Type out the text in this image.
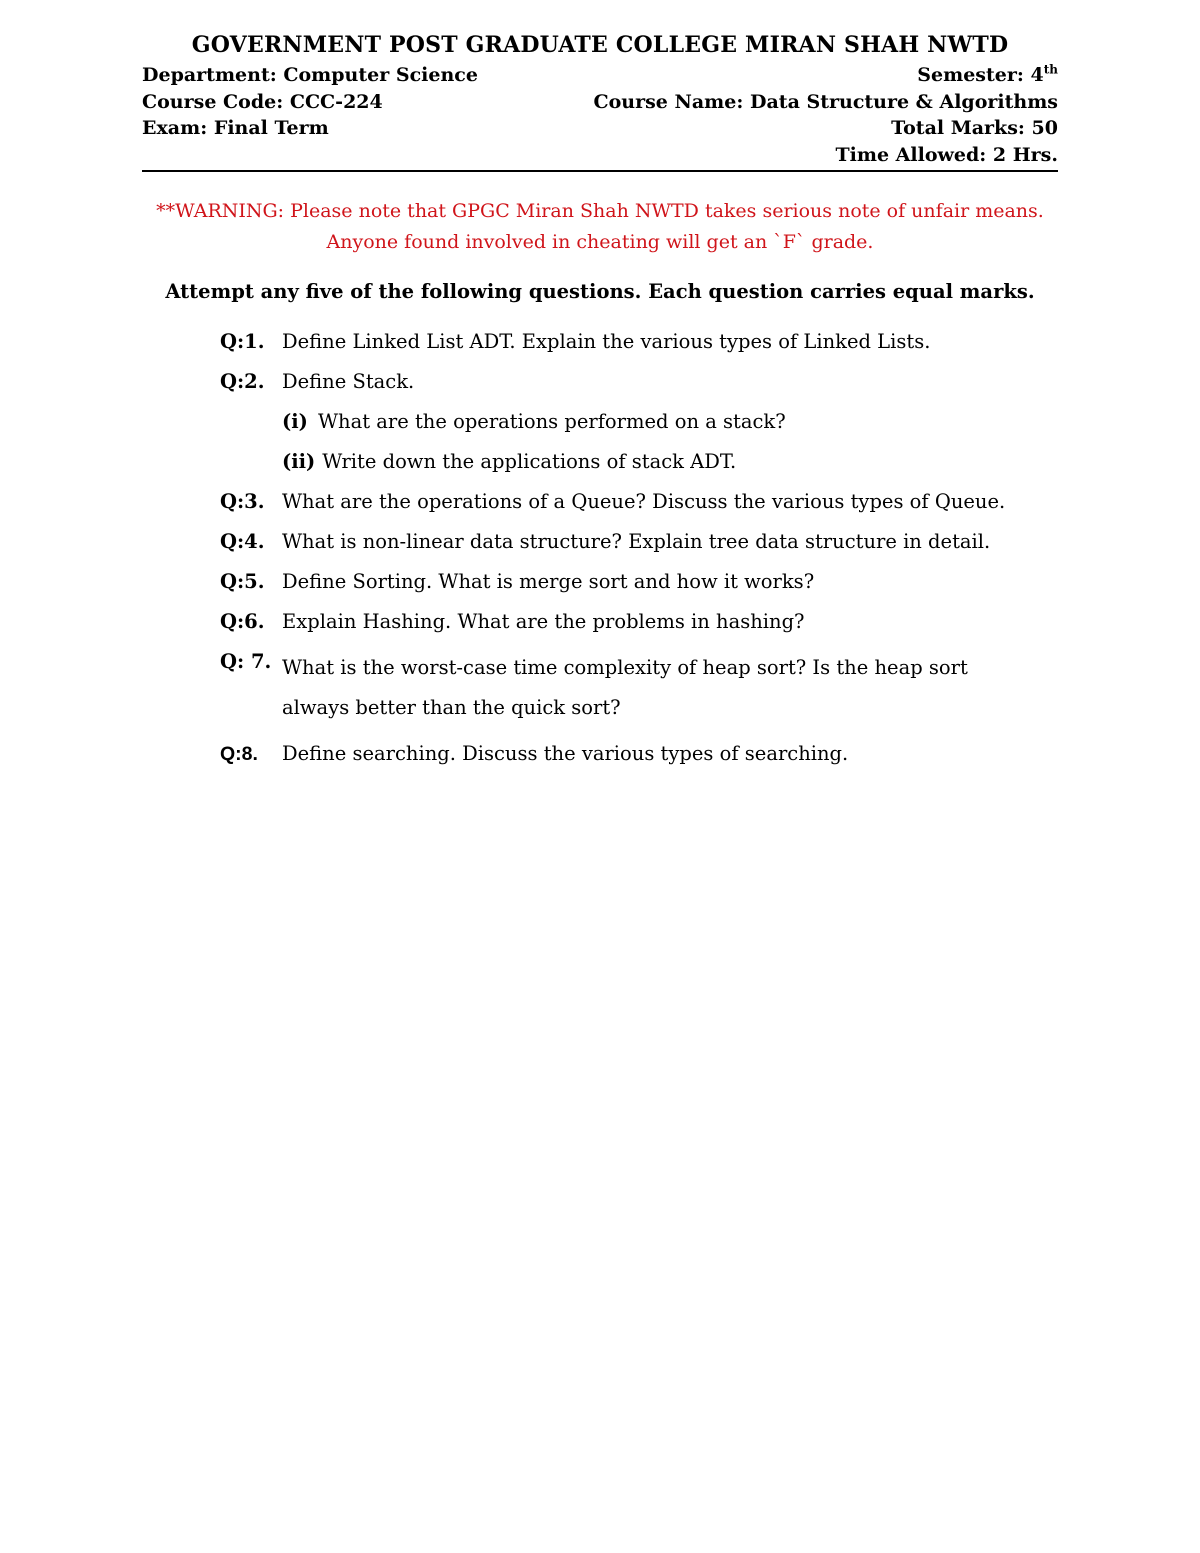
GOVERNMENT POST GRADUATE COLLEGE MIRAN SHAH NWTD
Department: Computer Science	Semester: 4th
Course Code: CCC-224	Course Name: Data Structure & Algorithms
Exam: Final Term	Total Marks: 50
Time Allowed: 2 Hrs.
**WARNING: Please note that GPGC Miran Shah NWTD takes serious note of unfair means.
Anyone found involved in cheating will get an `F` grade.
Attempt any five of the following questions. Each question carries equal marks.
Q:1. Define Linked List ADT. Explain the various types of Linked Lists.
Q:2. Define Stack.
(i) What are the operations performed on a stack?
(ii) Write down the applications of stack ADT.
Q:3. What are the operations of a Queue? Discuss the various types of Queue.
Q:4. What is non-linear data structure? Explain tree data structure in detail.
Q:5. Define Sorting. What is merge sort and how it works?
Q:6. Explain Hashing. What are the problems in hashing?
Q: 7. What is the worst-case time complexity of heap sort? Is the heap sort always better than the quick sort?
Q:8.	Define searching. Discuss the various types of searching.
